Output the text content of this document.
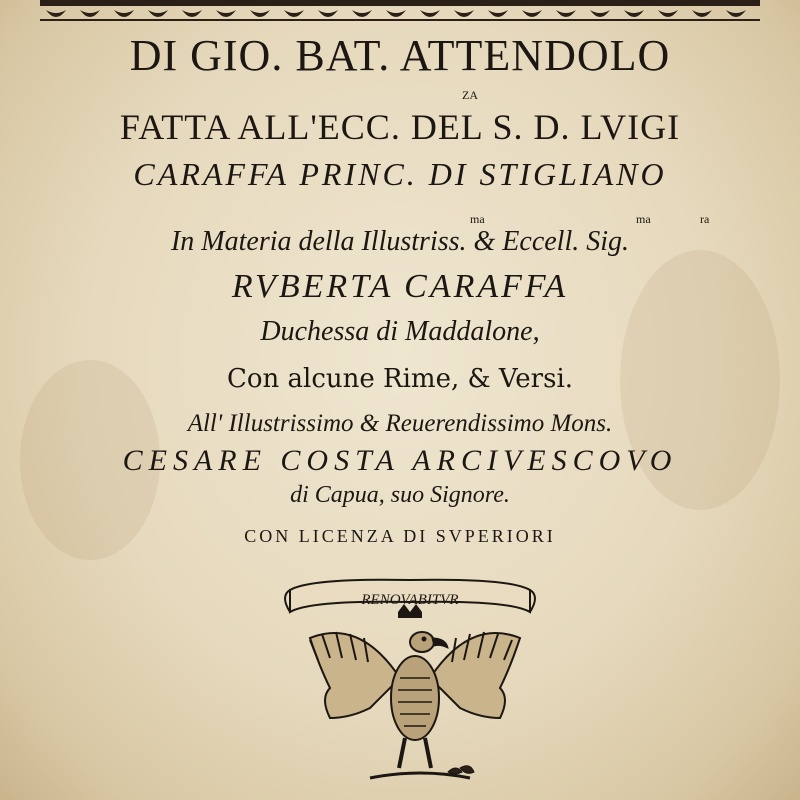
DI GIO. BAT. ATTENDOLO
ZA
FATTA ALL'ECC. DEL S. D. LVIGI
CARAFFA PRINC. DI STIGLIANO
ma	ma	ra
In Materia della Illustriss. & Eccell. Sig.
RVBERTA CARAFFA
Duchessa di Maddalone,
Con alcune Rime, & Versi.
All' Illustrissimo & Reuerendissimo Mons.
CESARE COSTA ARCIVESCOVO
di Capua, suo Signore.
CON LICENZA DI SVPERIORI
RENOVABITVR
